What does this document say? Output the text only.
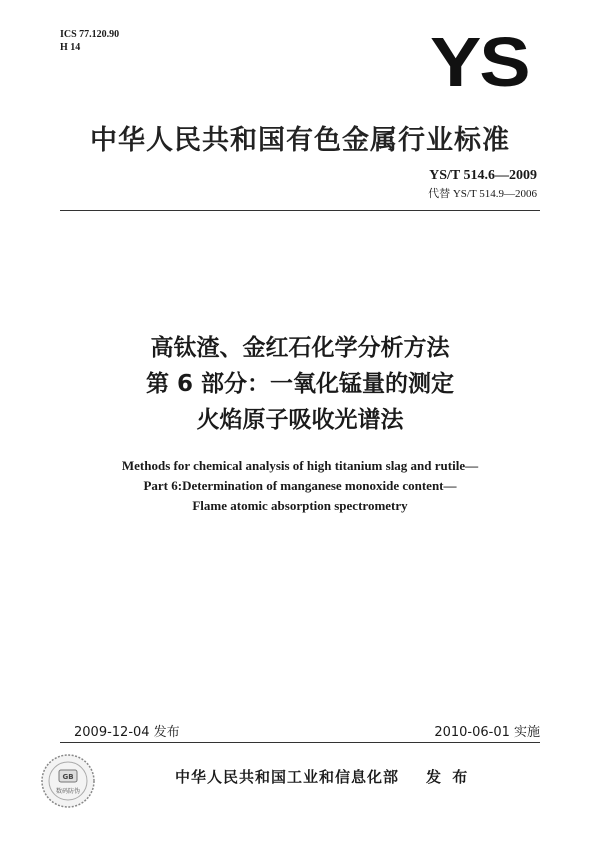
ICS 77.120.90
H 14	YS
中华人民共和国有色金属行业标准
YS/T 514.6—2009
代替 YS/T 514.9—2006
高钛渣、金红石化学分析方法
第 6 部分：一氧化锰量的测定
火焰原子吸收光谱法
Methods for chemical analysis of high titanium slag and rutile—
Part 6:Determination of manganese monoxide content—
Flame atomic absorption spectrometry
2009-12-04 发布	2010-06-01 实施
GB
数码防伪
中华人民共和国工业和信息化部 发 布
